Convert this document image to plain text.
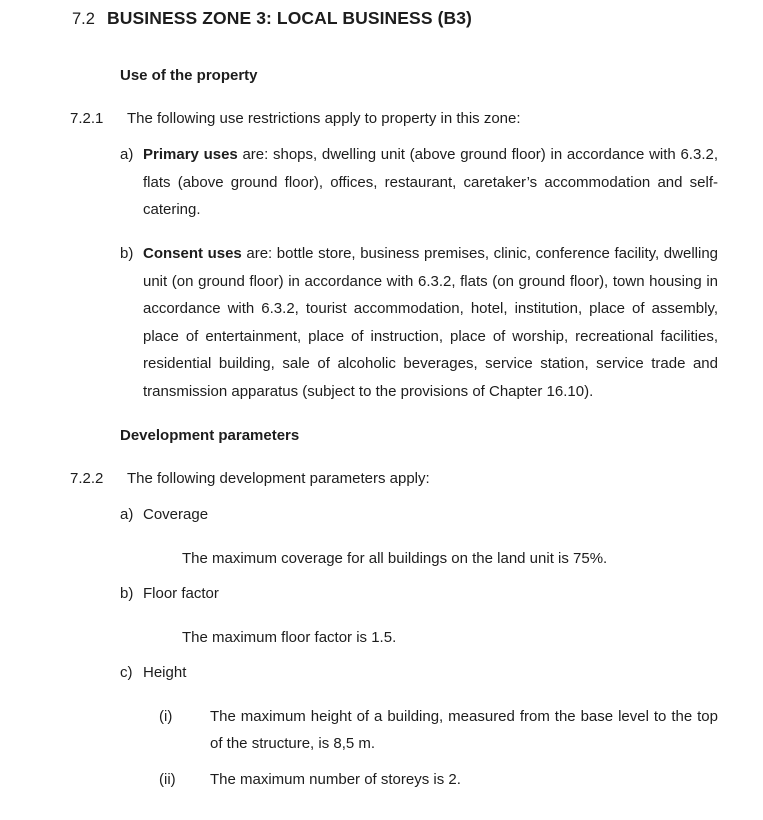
7.2 BUSINESS ZONE 3: LOCAL BUSINESS (B3)
Use of the property
7.2.1	The following use restrictions apply to property in this zone:
a) Primary uses are: shops, dwelling unit (above ground floor) in accordance with 6.3.2, flats (above ground floor), offices, restaurant, caretaker’s accommodation and self-catering.
b) Consent uses are: bottle store, business premises, clinic, conference facility, dwelling unit (on ground floor) in accordance with 6.3.2, flats (on ground floor), town housing in accordance with 6.3.2, tourist accommodation, hotel, institution, place of assembly, place of entertainment, place of instruction, place of worship, recreational facilities, residential building, sale of alcoholic beverages, service station, service trade and transmission apparatus (subject to the provisions of Chapter 16.10).
Development parameters
7.2.2	The following development parameters apply:
a) Coverage
The maximum coverage for all buildings on the land unit is 75%.
b) Floor factor
The maximum floor factor is 1.5.
c) Height
(i)	The maximum height of a building, measured from the base level to the top of the structure, is 8,5 m.
(ii) The maximum number of storeys is 2.
